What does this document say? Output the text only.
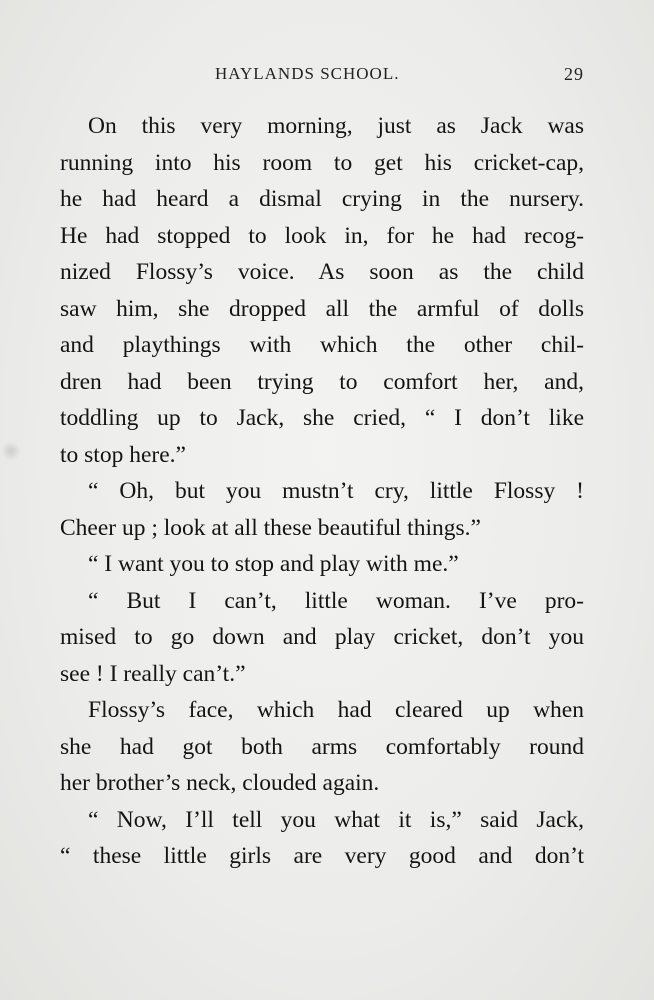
HAYLANDS SCHOOL.	29
On this very morning, just as Jack was
running into his room to get his cricket-cap,
he had heard a dismal crying in the nursery.
He had stopped to look in, for he had recog-
nized Flossy’s voice. As soon as the child
saw him, she dropped all the armful of dolls
and playthings with which the other chil-
dren had been trying to comfort her, and,
toddling up to Jack, she cried, “ I don’t like
to stop here.”
“ Oh, but you mustn’t cry, little Flossy !
Cheer up ; look at all these beautiful things.”
“ I want you to stop and play with me.”
“ But I can’t, little woman. I’ve pro-
mised to go down and play cricket, don’t you
see ! I really can’t.”
Flossy’s face, which had cleared up when
she had got both arms comfortably round
her brother’s neck, clouded again.
“ Now, I’ll tell you what it is,” said Jack,
“ these little girls are very good and don’t
